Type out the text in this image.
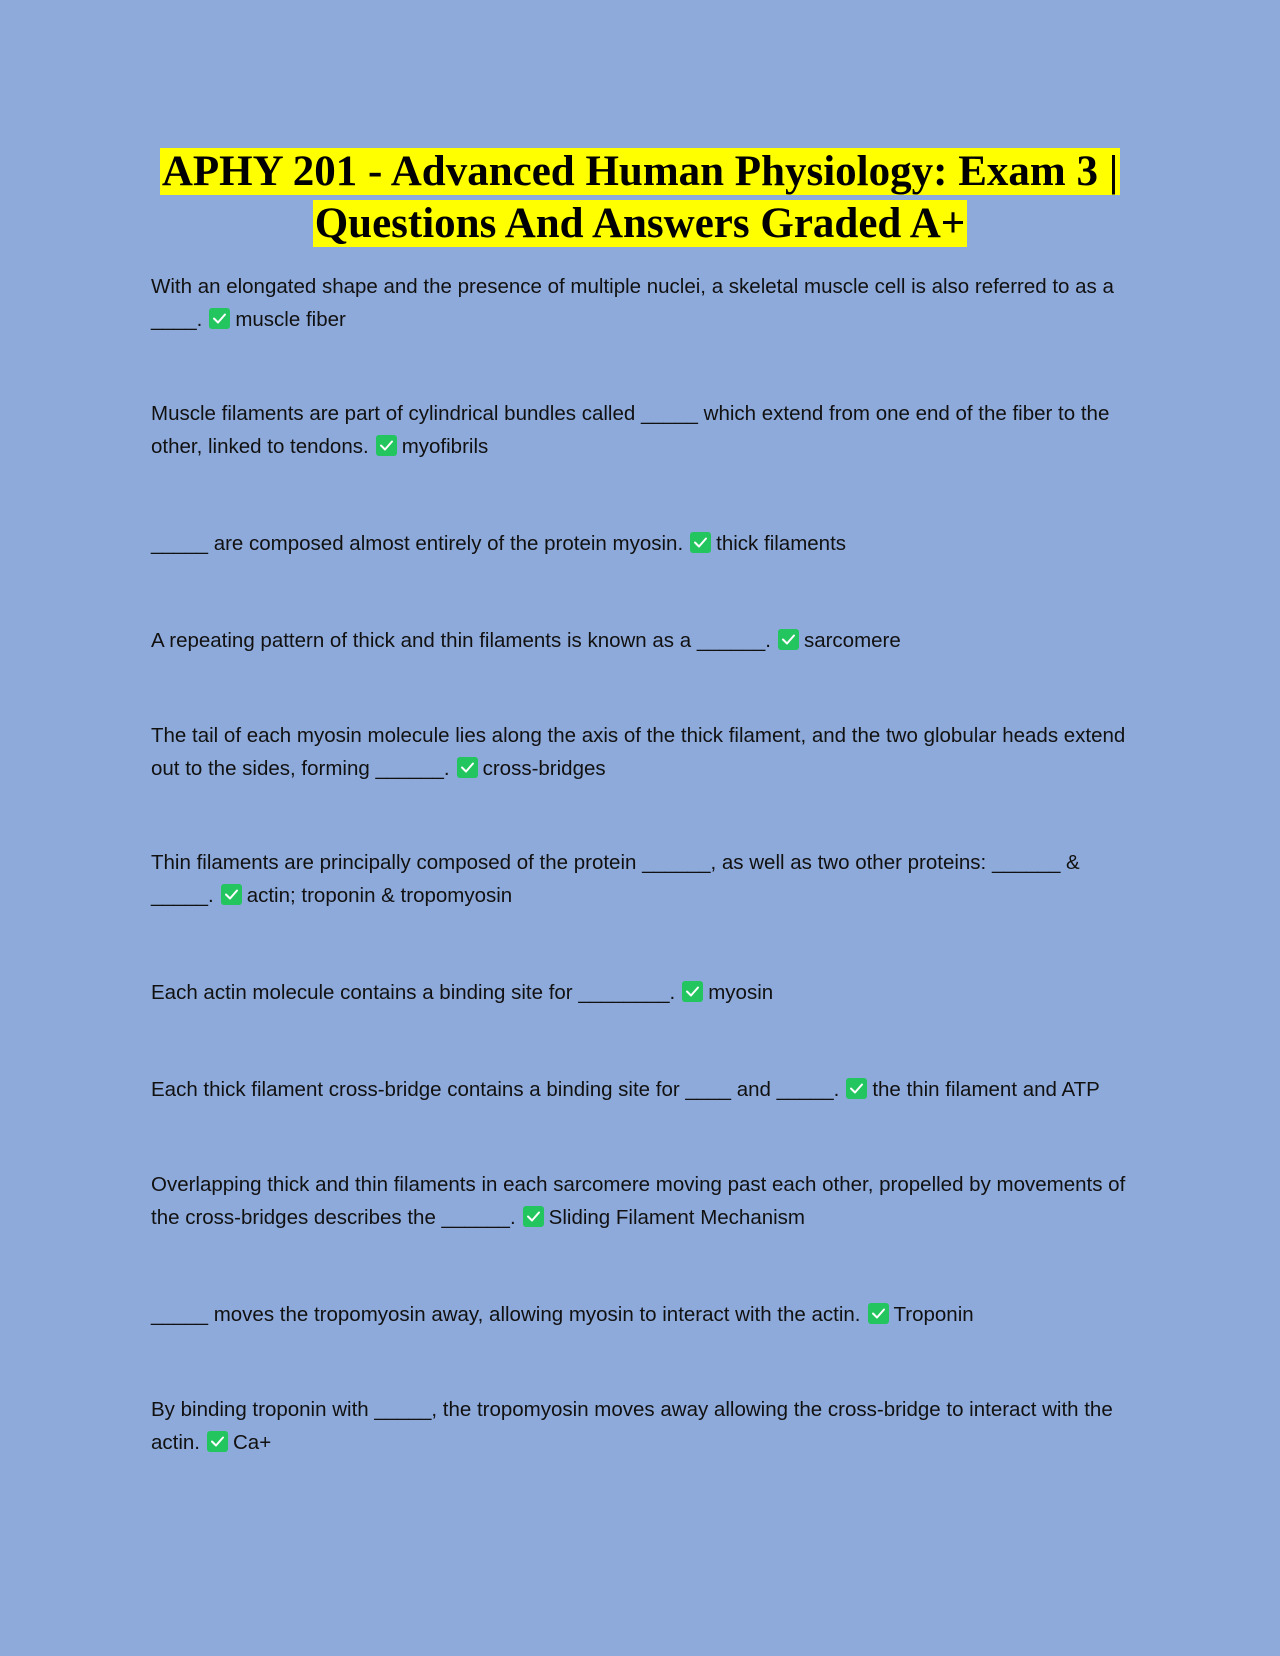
APHY 201 - Advanced Human Physiology: Exam 3 |
Questions And Answers Graded A+
With an elongated shape and the presence of multiple nuclei, a skeletal muscle cell is also referred to as a ____. muscle fiber
Muscle filaments are part of cylindrical bundles called _____ which extend from one end of the fiber to the other, linked to tendons. myofibrils
_____ are composed almost entirely of the protein myosin. thick filaments
A repeating pattern of thick and thin filaments is known as a ______. sarcomere
The tail of each myosin molecule lies along the axis of the thick filament, and the two globular heads extend out to the sides, forming ______. cross-bridges
Thin filaments are principally composed of the protein ______, as well as two other proteins: ______ & _____. actin; troponin & tropomyosin
Each actin molecule contains a binding site for ________. myosin
Each thick filament cross-bridge contains a binding site for ____ and _____. the thin filament and ATP
Overlapping thick and thin filaments in each sarcomere moving past each other, propelled by movements of the cross-bridges describes the ______. Sliding Filament Mechanism
_____ moves the tropomyosin away, allowing myosin to interact with the actin. Troponin
By binding troponin with _____, the tropomyosin moves away allowing the cross-bridge to interact with the actin. Ca+
